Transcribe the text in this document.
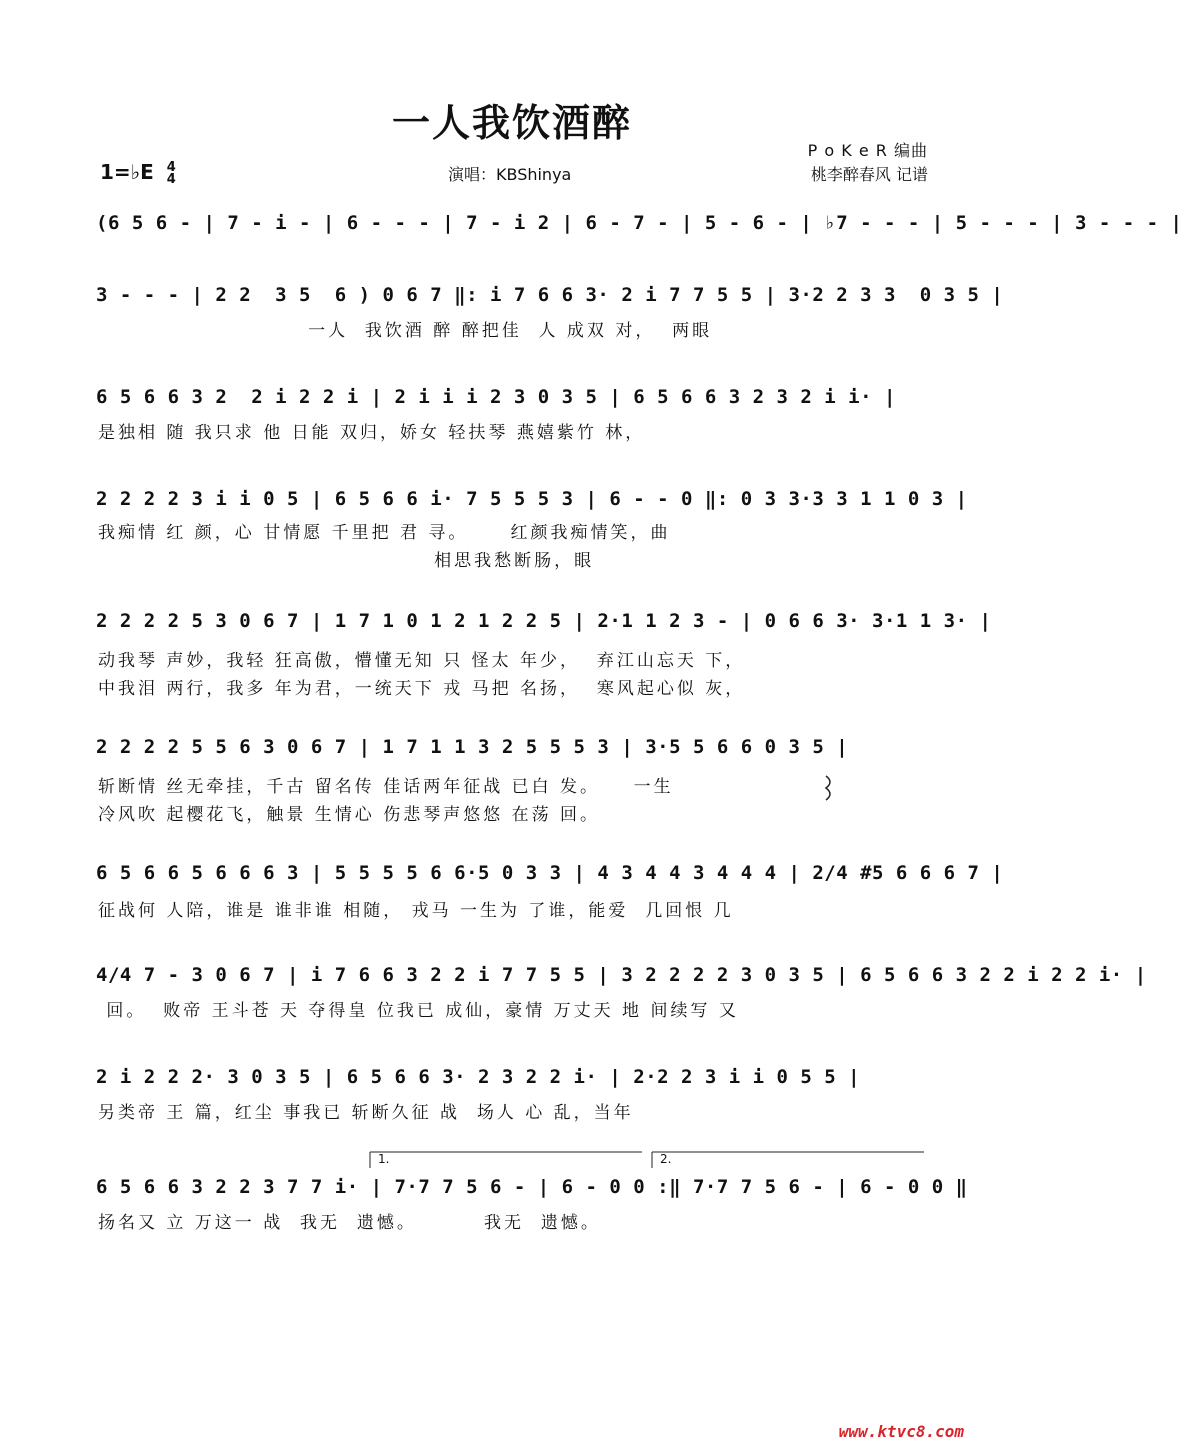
一人我饮酒醉
1=♭E 4
4	演唱：KBShinya
P o K e R 编曲
桃李醉春风 记谱
(6 5 6 - | 7 - i - | 6 - - - | 7 - i 2 | 6 - 7 - | 5 - 6 - | ♭7 - - - | 5 - - - | 3 - - - |
3 - - - | 2 2  3 5  6 ) 0 6 7 ‖: i 7 6 6 3· 2 i 7 7 5 5 | 3·2 2 3 3  0 3 5 |
一人  我饮酒 醉 醉把佳  人 成双 对，  两眼
6 5 6 6 3 2  2 i 2 2 i | 2 i i i 2 3 0 3 5 | 6 5 6 6 3 2 3 2 i i· |
是独相 随 我只求 他 日能 双归，娇女 轻扶琴 燕嬉紫竹 林，
2 2 2 2 3 i i 0 5 | 6 5 6 6 i· 7 5 5 5 3 | 6 - - 0 ‖: 0 3 3·3 3 1 1 0 3 |
我痴情 红 颜，心 甘情愿 千里把 君 寻。     红颜我痴情笑，曲
相思我愁断肠，眼
2 2 2 2 5 3 0 6 7 | 1 7 1 0 1 2 1 2 2 5 | 2·1 1 2 3 - | 0 6 6 3· 3·1 1 3· |
动我琴 声妙，我轻 狂高傲，懵懂无知 只 怪太 年少，  弃江山忘天 下，
中我泪 两行，我多 年为君，一统天下 戎 马把 名扬，  寒风起心似 灰，
2 2 2 2 5 5 6 3 0 6 7 | 1 7 1 1 3 2 5 5 5 3 | 3·5 5 6 6 0 3 5 |
斩断情 丝无牵挂，千古 留名传 佳话两年征战 已白 发。    一生
冷风吹 起樱花飞，触景 生情心 伤悲琴声悠悠 在荡 回。
6 5 6 6 5 6 6 6 3 | 5 5 5 5 6 6·5 0 3 3 | 4 3 4 4 3 4 4 4 | 2/4 #5 6 6 6 7 |
征战何 人陪，谁是 谁非谁 相随， 戎马 一生为 了谁，能爱  几回恨 几
4/4 7 - 3 0 6 7 | i 7 6 6 3 2 2 i 7 7 5 5 | 3 2 2 2 2 3 0 3 5 | 6 5 6 6 3 2 2 i 2 2 i· |
回。  败帝 王斗苍 天 夺得皇 位我已 成仙，豪情 万丈天 地 间续写 又
2 i 2 2 2· 3 0 3 5 | 6 5 6 6 3· 2 3 2 2 i· | 2·2 2 3 i i 0 5 5 |
另类帝 王 篇，红尘 事我已 斩断久征 战  场人 心 乱，当年
6 5 6 6 3 2 2 3 7 7 i· | 7·7 7 5 6 - | 6 - 0 0 :‖ 7·7 7 5 6 - | 6 - 0 0 ‖
扬名又 立 万这一 战  我无  遗憾。        我无  遗憾。
1.	2.
www.ktvc8.com
